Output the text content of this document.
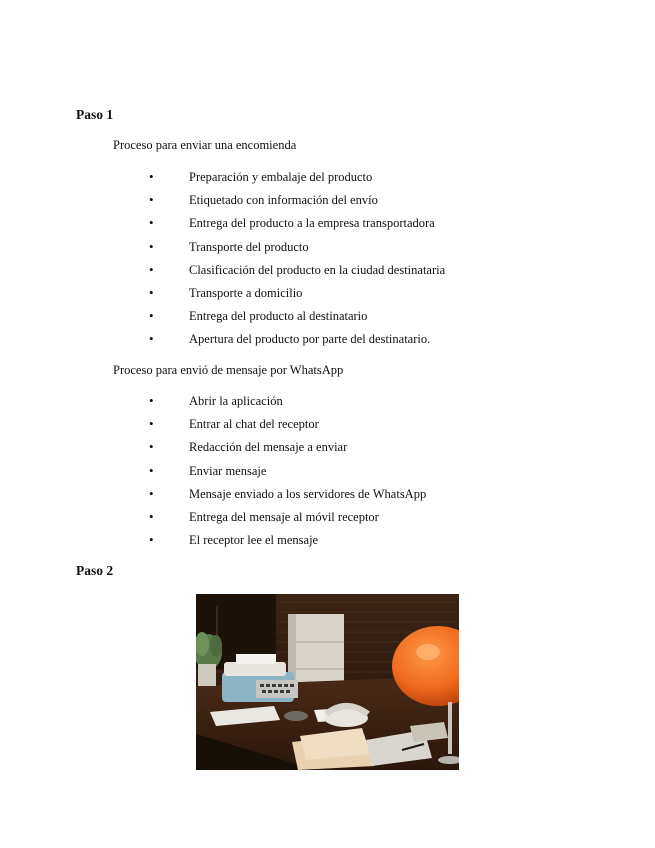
Paso 1
Proceso para enviar una encomienda
•	Preparación y embalaje del producto
•	Etiquetado con información del envío
•	Entrega del producto a la empresa transportadora
•	Transporte del producto
•	Clasificación del producto en la ciudad destinataria
•	Transporte a domicilio
•	Entrega del producto al destinatario
•	Apertura del producto por parte del destinatario.
Proceso para envió de mensaje por WhatsApp
•	Abrir la aplicación
•	Entrar al chat del receptor
•	Redacción del mensaje a enviar
•	Enviar mensaje
•	Mensaje enviado a los servidores de WhatsApp
•	Entrega del mensaje al móvil receptor
•	El receptor lee el mensaje
Paso 2
